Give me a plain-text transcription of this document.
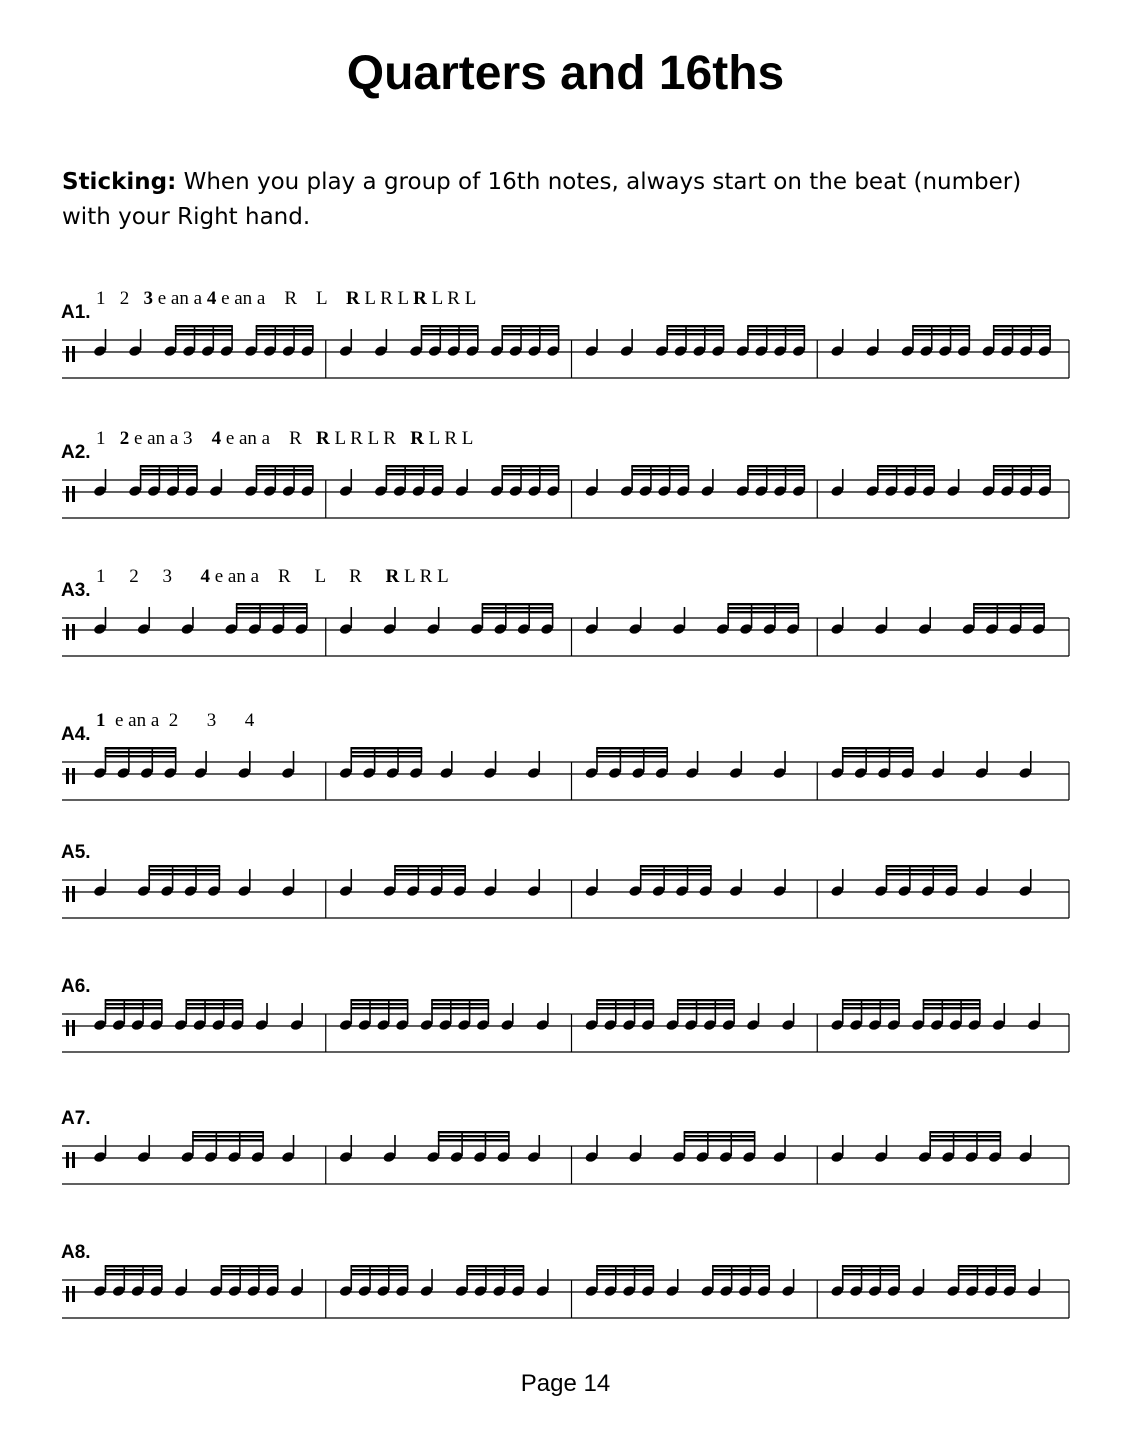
Quarters and 16ths

Sticking: When you play a group of 16th notes, always start on the beat (number) with your Right hand.

A1.
1   2   3 e an a 4 e an a    R    L    R L R L R L R L
A2.
1   2 e an a 3    4 e an a    R   R L R L R   R L R L
A3.
1     2     3      4 e an a    R     L     R     R L R L
A4.
1  e an a  2      3      4
A5.
A6.
A7.
A8.
Page 14
